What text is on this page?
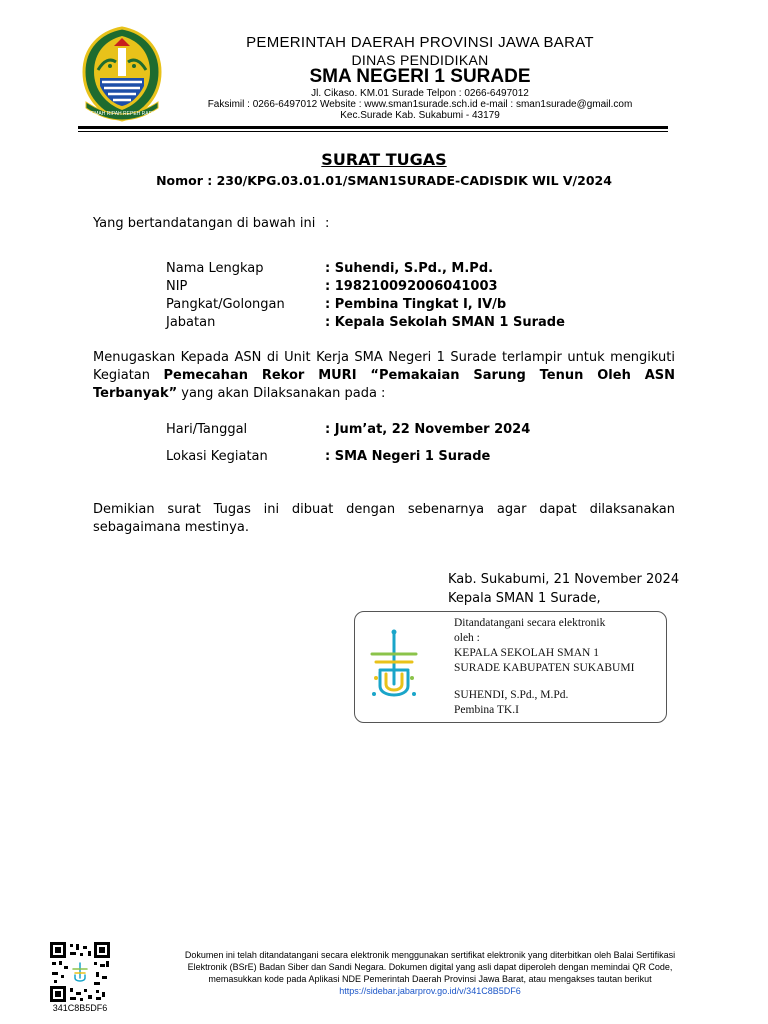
GEMAH RIPAH REPEH RAPIH
PEMERINTAH DAERAH PROVINSI JAWA BARAT
DINAS PENDIDIKAN
SMA NEGERI 1 SURADE
Jl. Cikaso. KM.01 Surade Telpon : 0266-6497012
Faksimil : 0266-6497012 Website : www.sman1surade.sch.id e-mail : sman1surade@gmail.com
Kec.Surade Kab. Sukabumi - 43179
SURAT TUGAS
Nomor : 230/KPG.03.01.01/SMAN1SURADE-CADISDIK WIL V/2024
Yang bertandatangan di bawah ini :
Nama Lengkap	: Suhendi, S.Pd., M.Pd.
NIP	: 198210092006041003
Pangkat/Golongan	: Pembina Tingkat I, IV/b
Jabatan	: Kepala Sekolah SMAN 1 Surade
Menugaskan Kepada ASN di Unit Kerja SMA Negeri 1 Surade terlampir untuk mengikuti Kegiatan Pemecahan Rekor MURI “Pemakaian Sarung Tenun Oleh ASN Terbanyak” yang akan Dilaksanakan pada :
Hari/Tanggal	: Jum’at, 22 November 2024
Lokasi Kegiatan	: SMA Negeri 1 Surade
Demikian surat Tugas ini dibuat dengan sebenarnya agar dapat dilaksanakan sebagaimana mestinya.
Kab. Sukabumi, 21 November 2024
Kepala SMAN 1 Surade,
Ditandatangani secara elektronik
oleh :
KEPALA SEKOLAH SMAN 1
SURADE KABUPATEN SUKABUMI
SUHENDI, S.Pd., M.Pd.
Pembina TK.I
341C8B5DF6
Dokumen ini telah ditandatangani secara elektronik menggunakan sertifikat elektronik yang diterbitkan oleh Balai Sertifikasi
Elektronik (BSrE) Badan Siber dan Sandi Negara. Dokumen digital yang asli dapat diperoleh dengan memindai QR Code,
memasukkan kode pada Aplikasi NDE Pemerintah Daerah Provinsi Jawa Barat, atau mengakses tautan berikut
https://sidebar.jabarprov.go.id/v/341C8B5DF6
